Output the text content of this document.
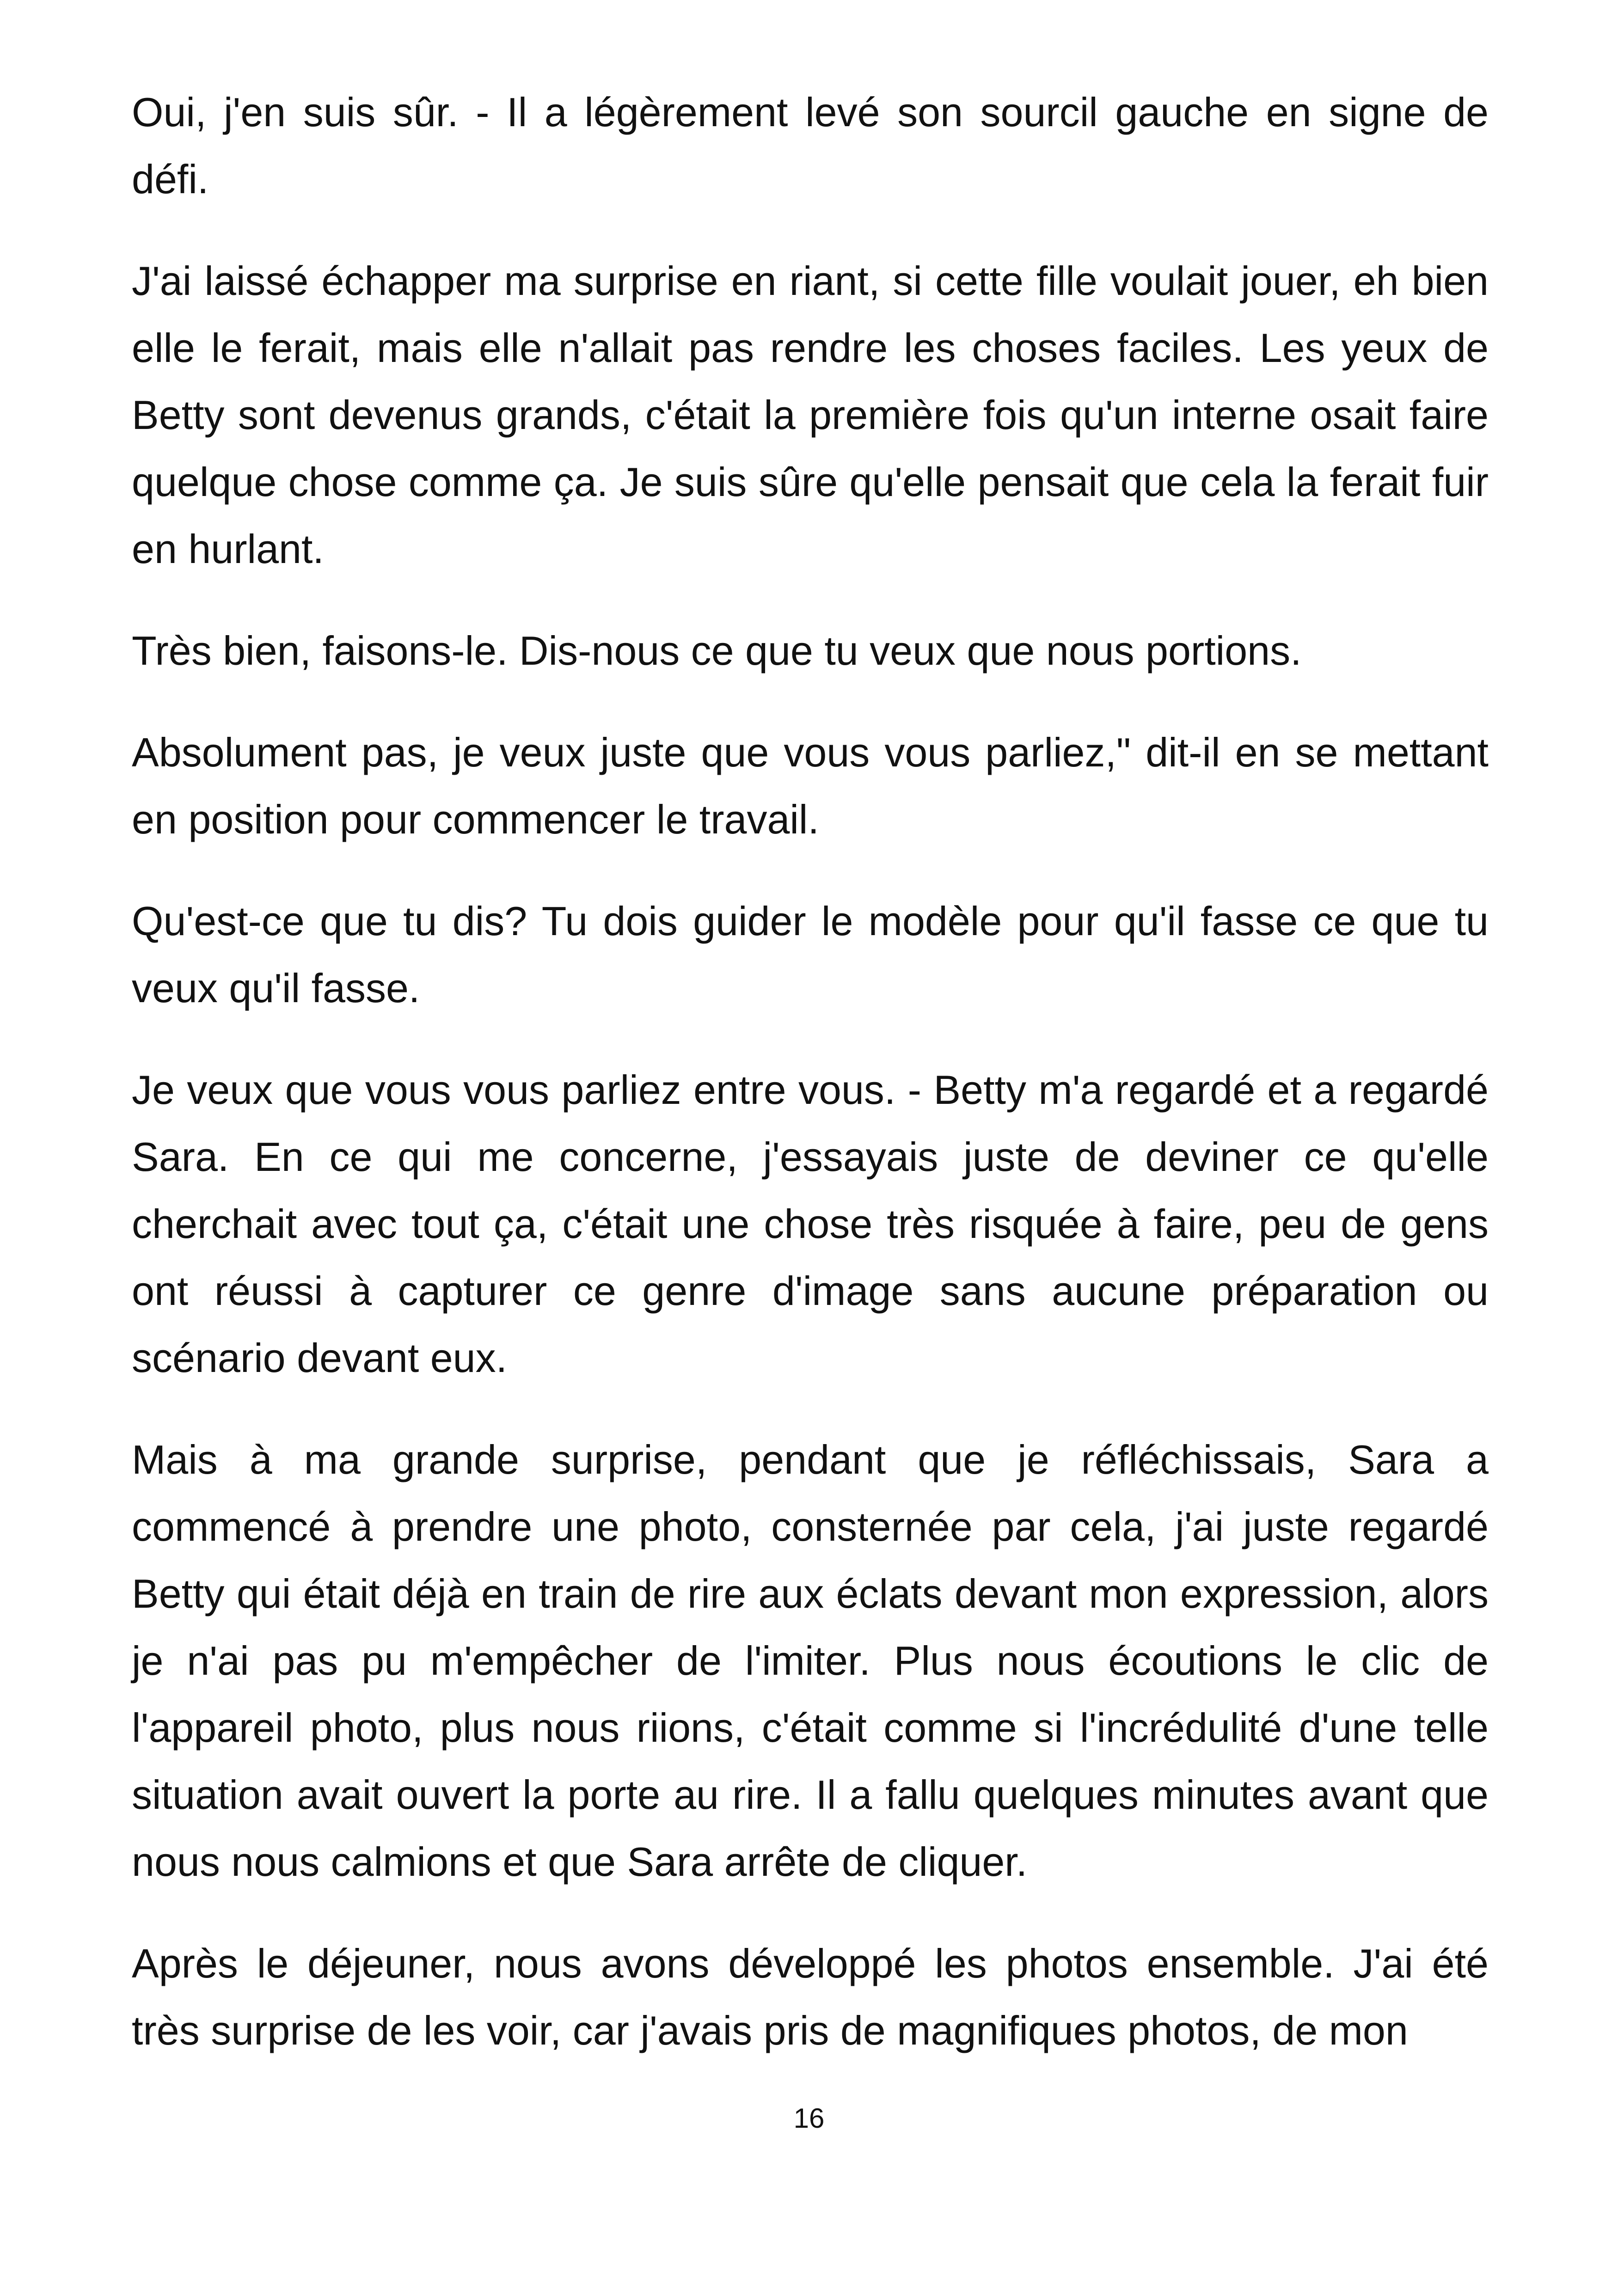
Oui, j'en suis sûr. - Il a légèrement levé son sourcil gauche en signe de défi.

J'ai laissé échapper ma surprise en riant, si cette fille voulait jouer, eh bien elle le ferait, mais elle n'allait pas rendre les choses faciles. Les yeux de Betty sont devenus grands, c'était la première fois qu'un interne osait faire quelque chose comme ça. Je suis sûre qu'elle pensait que cela la ferait fuir en hurlant.

Très bien, faisons-le. Dis-nous ce que tu veux que nous portions.

Absolument pas, je veux juste que vous vous parliez," dit-il en se mettant en position pour commencer le travail.

Qu'est-ce que tu dis? Tu dois guider le modèle pour qu'il fasse ce que tu veux qu'il fasse.

Je veux que vous vous parliez entre vous. - Betty m'a regardé et a regardé Sara. En ce qui me concerne, j'essayais juste de deviner ce qu'elle cherchait avec tout ça, c'était une chose très risquée à faire, peu de gens ont réussi à capturer ce genre d'image sans aucune préparation ou scénario devant eux.

Mais à ma grande surprise, pendant que je réfléchissais, Sara a commencé à prendre une photo, consternée par cela, j'ai juste regardé Betty qui était déjà en train de rire aux éclats devant mon expression, alors je n'ai pas pu m'empêcher de l'imiter. Plus nous écoutions le clic de l'appareil photo, plus nous riions, c'était comme si l'incrédulité d'une telle situation avait ouvert la porte au rire. Il a fallu quelques minutes avant que nous nous calmions et que Sara arrête de cliquer.

Après le déjeuner, nous avons développé les photos ensemble. J'ai été très surprise de les voir, car j'avais pris de magnifiques photos, de mon

16
